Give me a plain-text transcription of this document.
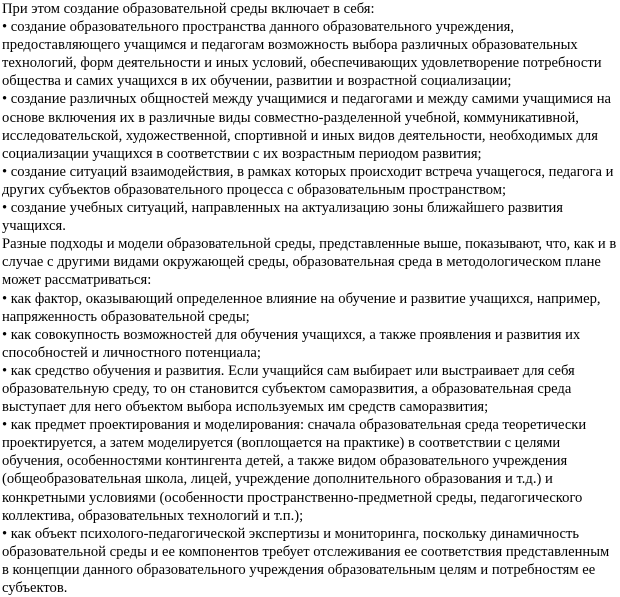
При этом создание образовательной среды включает в себя:

• создание образовательного пространства данного образовательного учреждения, предоставляющего учащимся и педагогам возможность выбора различных образовательных технологий, форм деятельности и иных условий, обеспечивающих удовлетворение потребности общества и самих учащихся в их обучении, развитии и возрастной социализации;

• создание различных общностей между учащимися и педагогами и между самими учащимися на основе включения их в различные виды совместно-разделенной учебной, коммуникативной, исследовательской, художественной, спортивной и иных видов деятельности, необходимых для социализации учащихся в соответствии с их возрастным периодом развития;

• создание ситуаций взаимодействия, в рамках которых происходит встреча учащегося, педагога и других субъектов образовательного процесса с образовательным пространством;

• создание учебных ситуаций, направленных на актуализацию зоны ближайшего развития учащихся.

Разные подходы и модели образовательной среды, представленные выше, показывают, что, как и в случае с другими видами окружающей среды, образовательная среда в методологическом плане может рассматриваться:

• как фактор, оказывающий определенное влияние на обучение и развитие учащихся, например, напряженность образовательной среды;

• как совокупность возможностей для обучения учащихся, а также проявления и развития их способностей и личностного потенциала;

• как средство обучения и развития. Если учащийся сам выбирает или выстраивает для себя образовательную среду, то он становится субъектом саморазвития, а образовательная среда выступает для него объектом выбора используемых им средств саморазвития;

• как предмет проектирования и моделирования: сначала образовательная среда теоретически проектируется, а затем моделируется (воплощается на практике) в соответствии с целями обучения, особенностями контингента детей, а также видом образовательного учреждения (общеобразовательная школа, лицей, учреждение дополнительного образования и т.д.) и конкретными условиями (особенности пространственно-предметной среды, педагогического коллектива, образовательных технологий и т.п.);

• как объект психолого-педагогической экспертизы и мониторинга, поскольку динамичность образовательной среды и ее компонентов требует отслеживания ее соответствия представленным в концепции данного образовательного учреждения образовательным целям и потребностям ее субъектов.
